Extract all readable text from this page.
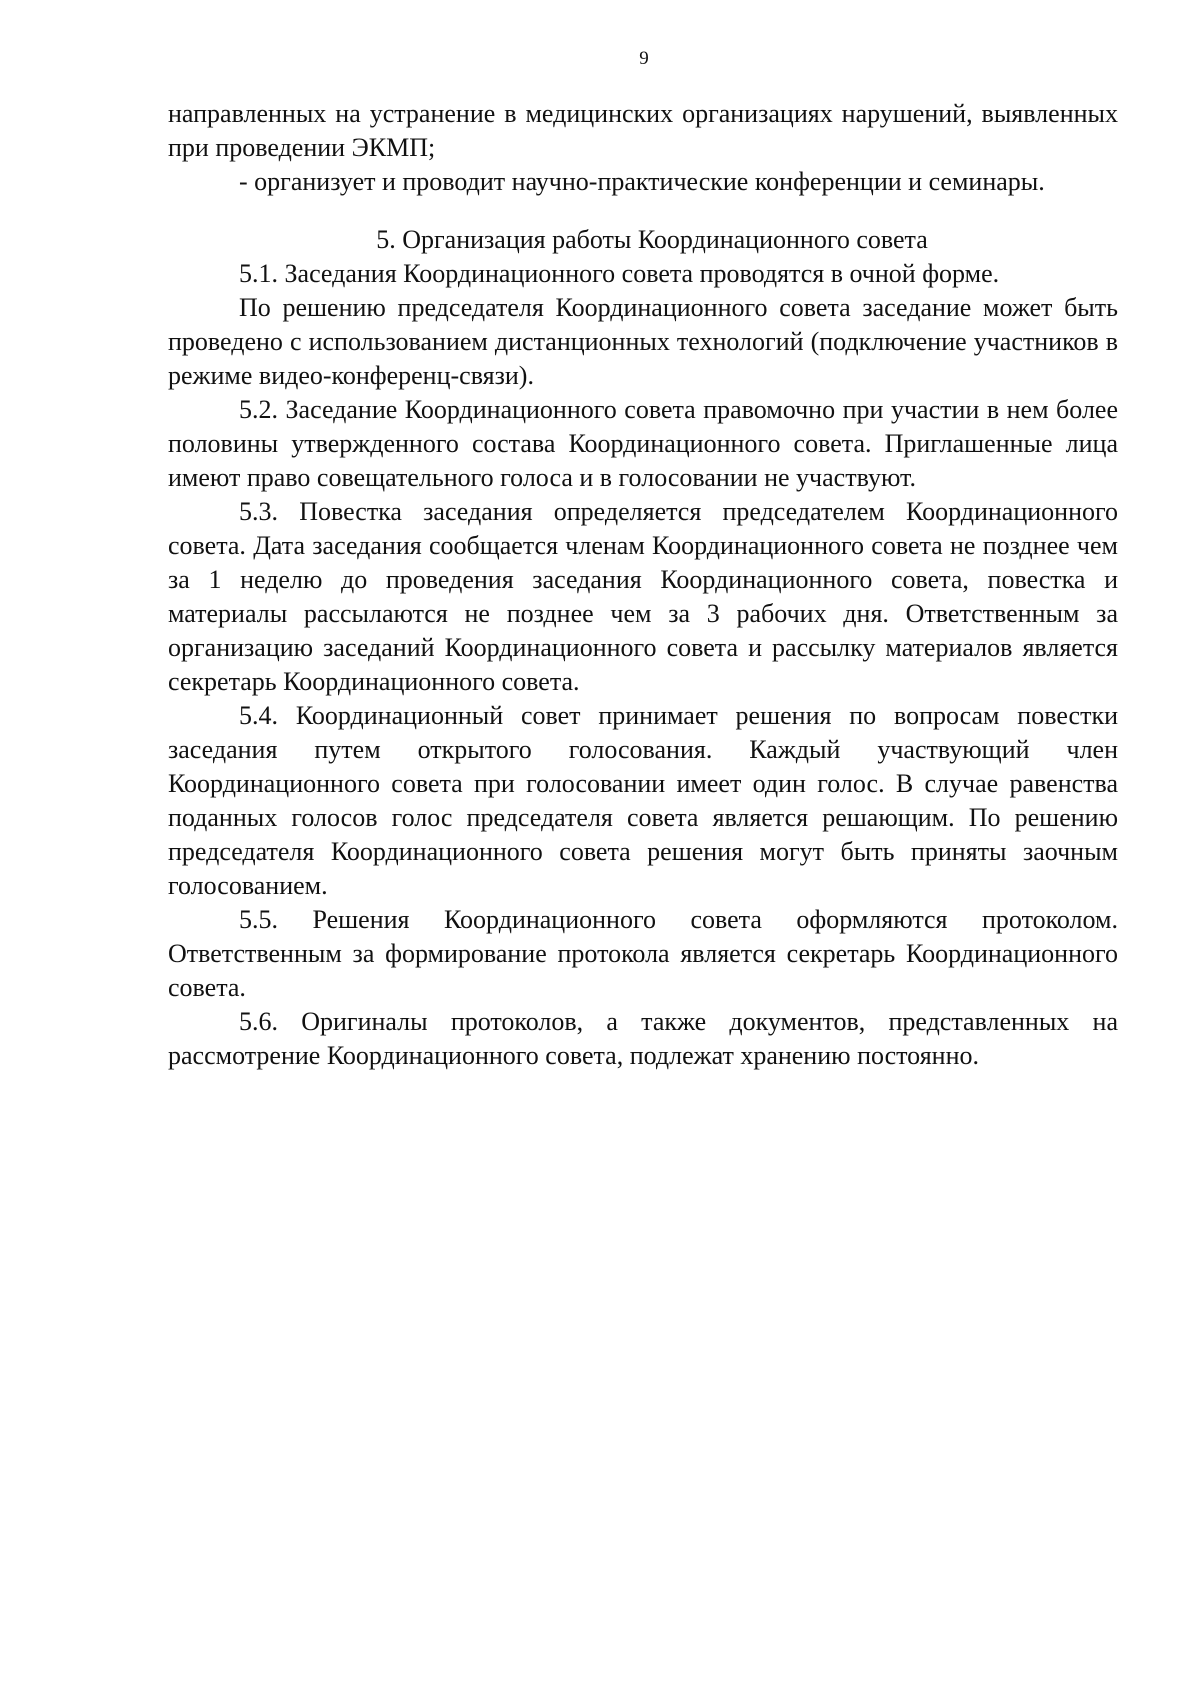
9

направленных на устранение в медицинских организациях нарушений, выявленных при проведении ЭКМП;

- организует и проводит научно-практические конференции и семинары.

5. Организация работы Координационного совета

5.1. Заседания Координационного совета проводятся в очной форме.

По решению председателя Координационного совета заседание может быть проведено с использованием дистанционных технологий (подключение участников в режиме видео-конференц-связи).

5.2. Заседание Координационного совета правомочно при участии в нем более половины утвержденного состава Координационного совета. Приглашенные лица имеют право совещательного голоса и в голосовании не участвуют.

5.3. Повестка заседания определяется председателем Координационного совета. Дата заседания сообщается членам Координационного совета не позднее чем за 1 неделю до проведения заседания Координационного совета, повестка и материалы рассылаются не позднее чем за 3 рабочих дня. Ответственным за организацию заседаний Координационного совета и рассылку материалов является секретарь Координационного совета.

5.4. Координационный совет принимает решения по вопросам повестки заседания путем открытого голосования. Каждый участвующий член Координационного совета при голосовании имеет один голос. В случае равенства поданных голосов голос председателя совета является решающим. По решению председателя Координационного совета решения могут быть приняты заочным голосованием.

5.5. Решения Координационного совета оформляются протоколом. Ответственным за формирование протокола является секретарь Координационного совета.

5.6. Оригиналы протоколов, а также документов, представленных на рассмотрение Координационного совета, подлежат хранению постоянно.
